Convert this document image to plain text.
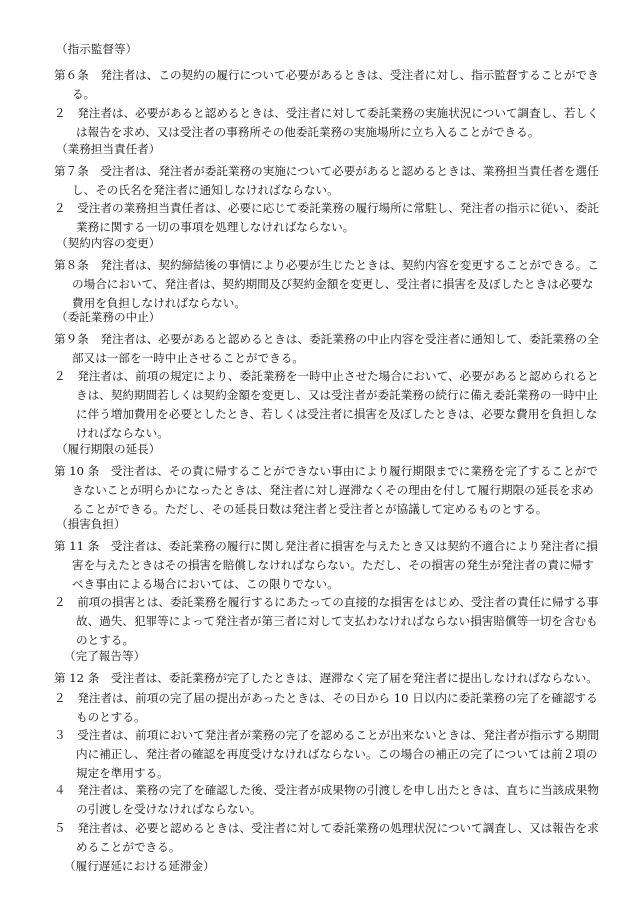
（指示監督等）

第６条　発注者は、この契約の履行について必要があるときは、受注者に対し、指示監督することができる。

２　発注者は、必要があると認めるときは、受注者に対して委託業務の実施状況について調査し、若しくは報告を求め、又は受注者の事務所その他委託業務の実施場所に立ち入ることができる。

（業務担当責任者）

第７条　受注者は、発注者が委託業務の実施について必要があると認めるときは、業務担当責任者を選任し、その氏名を発注者に通知しなければならない。

２　受注者の業務担当責任者は、必要に応じて委託業務の履行場所に常駐し、発注者の指示に従い、委託業務に関する一切の事項を処理しなければならない。

（契約内容の変更）

第８条　発注者は、契約締結後の事情により必要が生じたときは、契約内容を変更することができる。この場合において、発注者は、契約期間及び契約金額を変更し、受注者に損害を及ぼしたときは必要な費用を負担しなければならない。

（委託業務の中止）

第９条　発注者は、必要があると認めるときは、委託業務の中止内容を受注者に通知して、委託業務の全部又は一部を一時中止させることができる。

２　発注者は、前項の規定により、委託業務を一時中止させた場合において、必要があると認められるときは、契約期間若しくは契約金額を変更し、又は受注者が委託業務の続行に備え委託業務の一時中止に伴う増加費用を必要としたとき、若しくは受注者に損害を及ぼしたときは、必要な費用を負担しなければならない。

（履行期限の延長）

第 10 条　受注者は、その責に帰することができない事由により履行期限までに業務を完了することができないことが明らかになったときは、発注者に対し遅滞なくその理由を付して履行期限の延長を求めることができる。ただし、その延長日数は発注者と受注者とが協議して定めるものとする。

（損害負担）

第 11 条　受注者は、委託業務の履行に関し発注者に損害を与えたとき又は契約不適合により発注者に損害を与えたときはその損害を賠償しなければならない。ただし、その損害の発生が発注者の責に帰すべき事由による場合においては、この限りでない。

２　前項の損害とは、委託業務を履行するにあたっての直接的な損害をはじめ、受注者の責任に帰する事故、過失、犯罪等によって発注者が第三者に対して支払わなければならない損害賠償等一切を含むものとする。

（完了報告等）

第 12 条　受注者は、委託業務が完了したときは、遅滞なく完了届を発注者に提出しなければならない。

２　発注者は、前項の完了届の提出があったときは、その日から 10 日以内に委託業務の完了を確認するものとする。

３　受注者は、前項において発注者が業務の完了を認めることが出来ないときは、発注者が指示する期間内に補正し、発注者の確認を再度受けなければならない。この場合の補正の完了については前２項の規定を準用する。

４　発注者は、業務の完了を確認した後、受注者が成果物の引渡しを申し出たときは、直ちに当該成果物の引渡しを受けなければならない。

５　発注者は、必要と認めるときは、受注者に対して委託業務の処理状況について調査し、又は報告を求めることができる。

（履行遅延における延滞金）
